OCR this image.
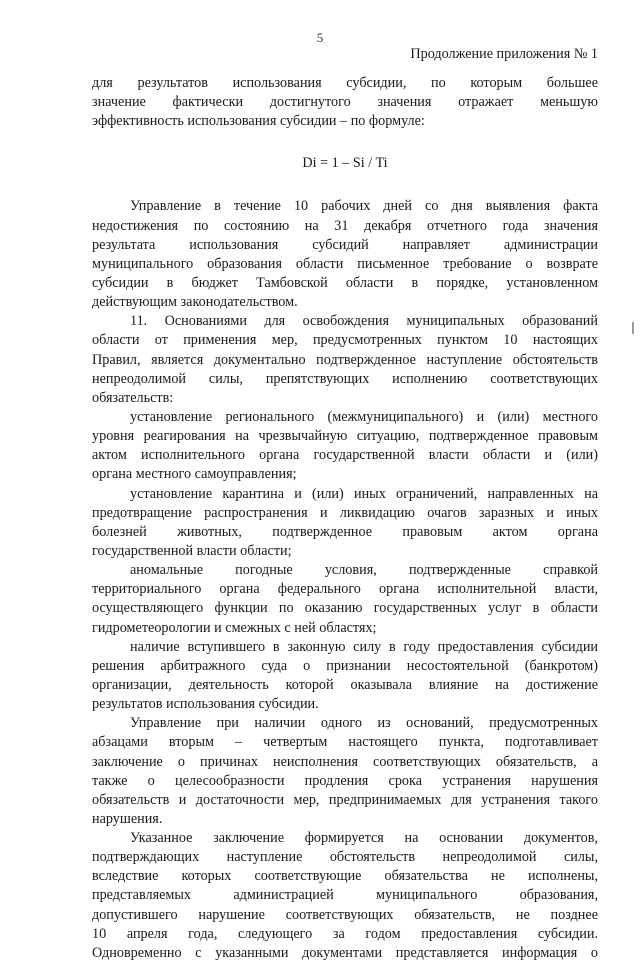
5
Продолжение приложения № 1
для результатов использования субсидии, по которым большее
значение фактически достигнутого значения отражает меньшую
эффективность использования субсидии – по формуле:
Di = 1 – Si / Ti
Управление в течение 10 рабочих дней со дня выявления факта
недостижения по состоянию на 31 декабря отчетного года значения
результата использования субсидий направляет администрации
муниципального образования области письменное требование о возврате
субсидии в бюджет Тамбовской области в порядке, установленном
действующим законодательством.
11. Основаниями для освобождения муниципальных образований
области от применения мер, предусмотренных пунктом 10 настоящих
Правил, является документально подтвержденное наступление обстоятельств
непреодолимой силы, препятствующих исполнению соответствующих
обязательств:
установление регионального (межмуниципального) и (или) местного
уровня реагирования на чрезвычайную ситуацию, подтвержденное правовым
актом исполнительного органа государственной власти области и (или)
органа местного самоуправления;
установление карантина и (или) иных ограничений, направленных на
предотвращение распространения и ликвидацию очагов заразных и иных
болезней животных, подтвержденное правовым актом органа
государственной власти области;
аномальные погодные условия, подтвержденные справкой
территориального органа федерального органа исполнительной власти,
осуществляющего функции по оказанию государственных услуг в области
гидрометеорологии и смежных с ней областях;
наличие вступившего в законную силу в году предоставления субсидии
решения арбитражного суда о признании несостоятельной (банкротом)
организации, деятельность которой оказывала влияние на достижение
результатов использования субсидии.
Управление при наличии одного из оснований, предусмотренных
абзацами вторым – четвертым настоящего пункта, подготавливает
заключение о причинах неисполнения соответствующих обязательств, а
также о целесообразности продления срока устранения нарушения
обязательств и достаточности мер, предпринимаемых для устранения такого
нарушения.
Указанное заключение формируется на основании документов,
подтверждающих наступление обстоятельств непреодолимой силы,
вследствие которых соответствующие обязательства не исполнены,
представляемых администрацией муниципального образования,
допустившего нарушение соответствующих обязательств, не позднее
10 апреля года, следующего за годом предоставления субсидии.
Одновременно с указанными документами представляется информация о
